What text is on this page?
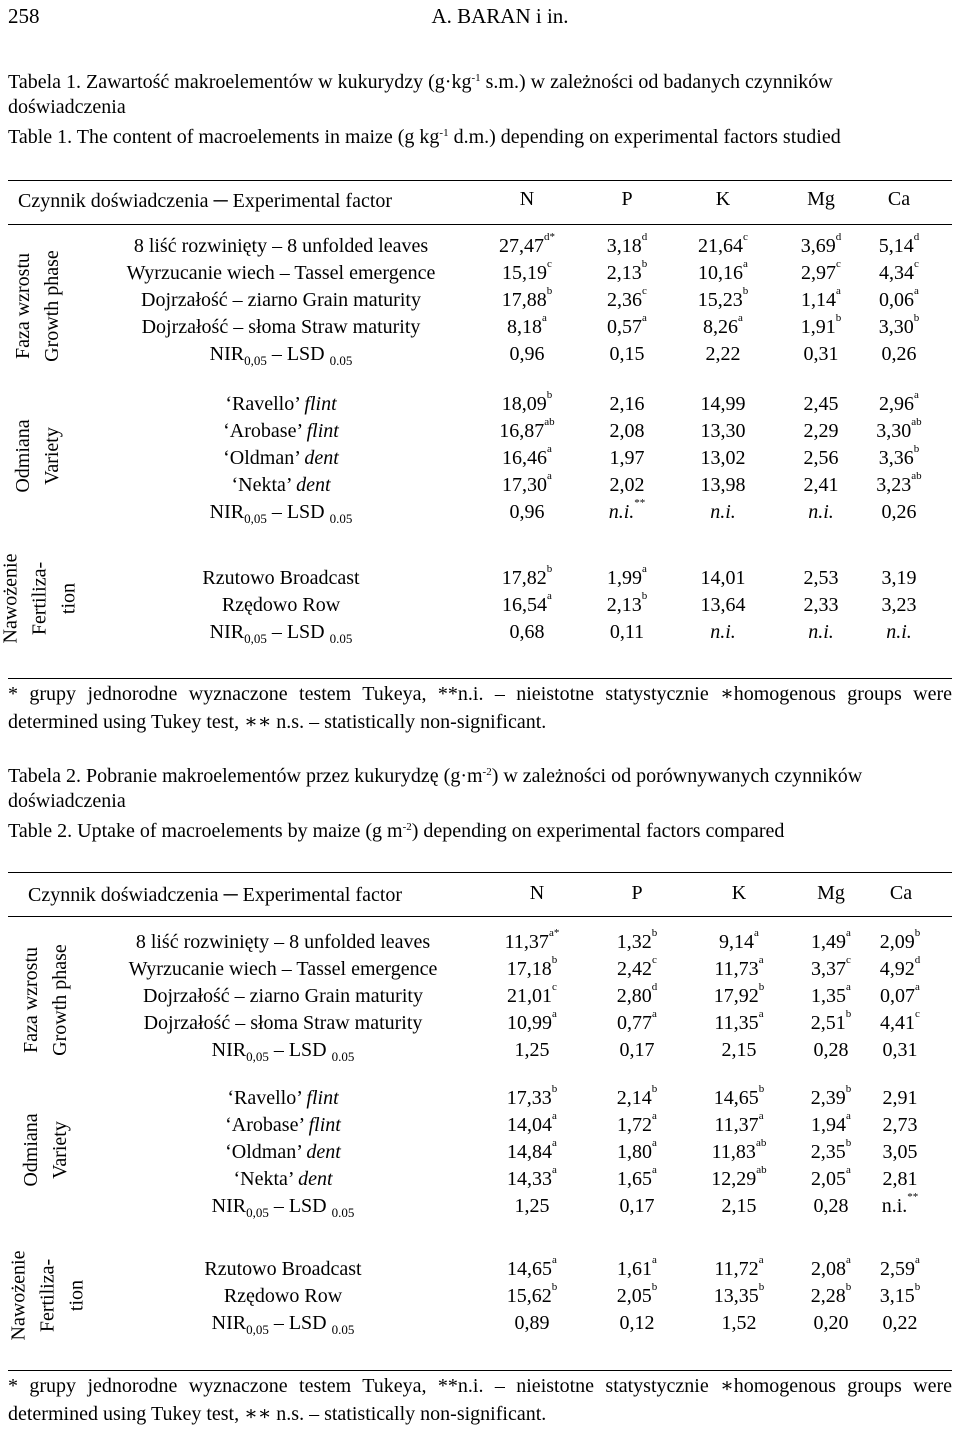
258	A. BARAN i in.
Tabela 1. Zawartość makroelementów w kukurydzy ($g\cdot kg^{-1}$ s.m.) w zależności od badanych czynników doświadczenia
Table 1. The content of macroelements in maize (g $kg^{-1}$ d.m.) depending on experimental factors studied
Czynnik doświadczenia ─ Experimental factor	N	P	K	Mg	Ca
8 liść rozwinięty – 8 unfolded leaves	$27,47^{d*}$	3,18$^d$	21,64$^c$	3,69$^d$	5,14$^d$
Wyrzucanie wiech – Tassel emergence	15,19$^c$	2,13$^b$	10,16$^a$	2,97$^c$	4,34$^c$
Dojrzałość – ziarno Grain maturity	17,88$^b$	2,36$^c$	15,23$^b$	1,14$^a$	0,06$^a$
Dojrzałość – słoma Straw maturity	8,18$^a$	0,57$^a$	8,26$^a$	1,91$^b$	3,30$^b$
$NIR_{0,05}$ – LSD $_{0.05}$	0,96	0,15	2,22	0,31	0,26
‘Ravello’ flint	18,09$^b$	2,16	14,99	2,45	2,96$^a$
‘Arobase’ flint	16,87$^{ab}$	2,08	13,30	2,29	3,30$^{ab}$
‘Oldman’ dent	16,46$^a$	1,97	13,02	2,56	3,36$^b$
‘Nekta’ dent	17,30$^a$	2,02	13,98	2,41	3,23$^{ab}$
$NIR_{0,05}$ – LSD $_{0.05}$	0,96	n.i.**	n.i.	n.i.	0,26
Rzutowo Broadcast	17,82$^b$	1,99$^a$	14,01	2,53	3,19
Rzędowo Row	16,54$^a$	2,13$^b$	13,64	2,33	3,23
$NIR_{0,05}$ – LSD $_{0.05}$	0,68	0,11	n.i.	n.i.	n.i.
Faza wzrostu Growth phase
Odmiana Variety
Nawożenie Fertiliza- tion
* grupy jednorodne wyznaczone testem Tukeya, **n.i. – nieistotne statystycznie ∗homogenous groups were determined using Tukey test, ∗∗ n.s. – statistically non-significant.
Tabela 2. Pobranie makroelementów przez kukurydzę $(g\cdot m^{-2})$ w zależności od porównywanych czynników doświadczenia
Table 2. Uptake of macroelements by maize (g $m^{-2}$) depending on experimental factors compared
Czynnik doświadczenia ─ Experimental factor	N	P	K	Mg	Ca
8 liść rozwinięty – 8 unfolded leaves	$11,37^{a*}$	1,32$^b$	9,14$^a$	1,49$^a$	2,09$^b$
Wyrzucanie wiech – Tassel emergence	17,18$^b$	2,42$^c$	11,73$^a$	3,37$^c$	4,92$^d$
Dojrzałość – ziarno Grain maturity	21,01$^c$	2,80$^d$	17,92$^b$	1,35$^a$	0,07$^a$
Dojrzałość – słoma Straw maturity	10,99$^a$	0,77$^a$	11,35$^a$	2,51$^b$	4,41$^c$
$NIR_{0,05}$ – LSD $_{0.05}$	1,25	0,17	2,15	0,28	0,31
‘Ravello’ flint	17,33$^b$	2,14$^b$	14,65$^b$	2,39$^b$	2,91
‘Arobase’ flint	14,04$^a$	1,72$^a$	11,37$^a$	1,94$^a$	2,73
‘Oldman’ dent	14,84$^a$	1,80$^a$	11,83$^{ab}$	2,35$^b$	3,05
‘Nekta’ dent	14,33$^a$	1,65$^a$	12,29$^{ab}$	2,05$^a$	2,81
$NIR_{0,05}$ – LSD $_{0.05}$	1,25	0,17	2,15	0,28	n.i.**
Rzutowo Broadcast	14,65$^a$	1,61$^a$	11,72$^a$	2,08$^a$	2,59$^a$
Rzędowo Row	15,62$^b$	2,05$^b$	13,35$^b$	2,28$^b$	3,15$^b$
$NIR_{0,05}$ – LSD $_{0.05}$	0,89	0,12	1,52	0,20	0,22
Faza wzrostu Growth phase
Odmiana Variety
Nawożenie Fertiliza- tion
* grupy jednorodne wyznaczone testem Tukeya, **n.i. – nieistotne statystycznie ∗homogenous groups were determined using Tukey test, ∗∗ n.s. – statistically non-significant.
